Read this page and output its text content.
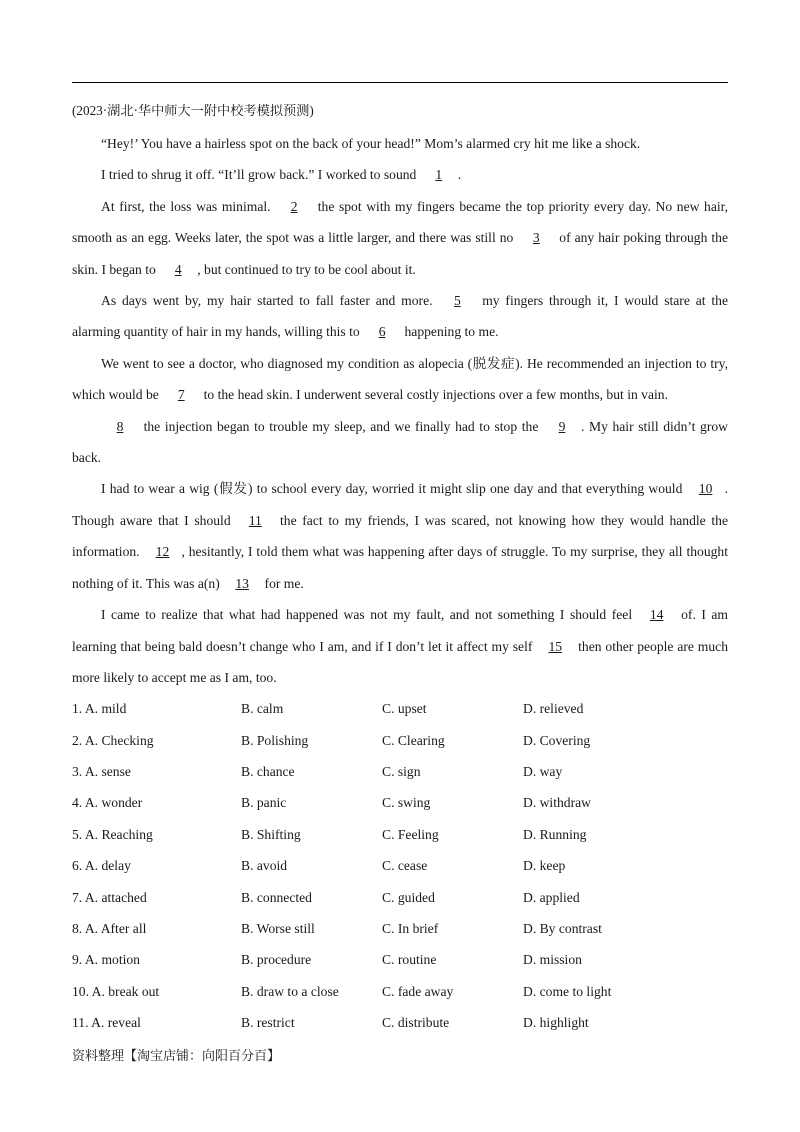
(2023·湖北·华中师大一附中校考模拟预测)

“Hey!’ You have a hairless spot on the back of your head!” Mom’s alarmed cry hit me like a shock.

I tried to shrug it off. “It’ll grow back.” I worked to sound 1 .

At first, the loss was minimal. 2 the spot with my fingers became the top priority every day. No new hair, smooth as an egg. Weeks later, the spot was a little larger, and there was still no 3 of any hair poking through the skin. I began to 4 , but continued to try to be cool about it.

As days went by, my hair started to fall faster and more. 5 my fingers through it, I would stare at the alarming quantity of hair in my hands, willing this to 6 happening to me.

We went to see a doctor, who diagnosed my condition as alopecia (脱发症). He recommended an injection to try, which would be 7 to the head skin. I underwent several costly injections over a few months, but in vain.

8 the injection began to trouble my sleep, and we finally had to stop the 9 . My hair still didn’t grow back.

I had to wear a wig (假发) to school every day, worried it might slip one day and that everything would 10 . Though aware that I should 11 the fact to my friends, I was scared, not knowing how they would handle the information. 12 , hesitantly, I told them what was happening after days of struggle. To my surprise, they all thought nothing of it. This was a(n) 13 for me.

I came to realize that what had happened was not my fault, and not something I should feel 14 of. I am learning that being bald doesn’t change who I am, and if I don’t let it affect my self 15 then other people are much more likely to accept me as I am, too.

1. A. mild	B. calm	C. upset	D. relieved
2. A. Checking	B. Polishing	C. Clearing	D. Covering
3. A. sense	B. chance	C. sign	D. way
4. A. wonder	B. panic	C. swing	D. withdraw
5. A. Reaching	B. Shifting	C. Feeling	D. Running
6. A. delay	B. avoid	C. cease	D. keep
7. A. attached	B. connected	C. guided	D. applied
8. A. After all	B. Worse still	C. In brief	D. By contrast
9. A. motion	B. procedure	C. routine	D. mission
10. A. break out	B. draw to a close	C. fade away	D. come to light
11. A. reveal	B. restrict	C. distribute	D. highlight
资料整理【淘宝店铺：向阳百分百】
